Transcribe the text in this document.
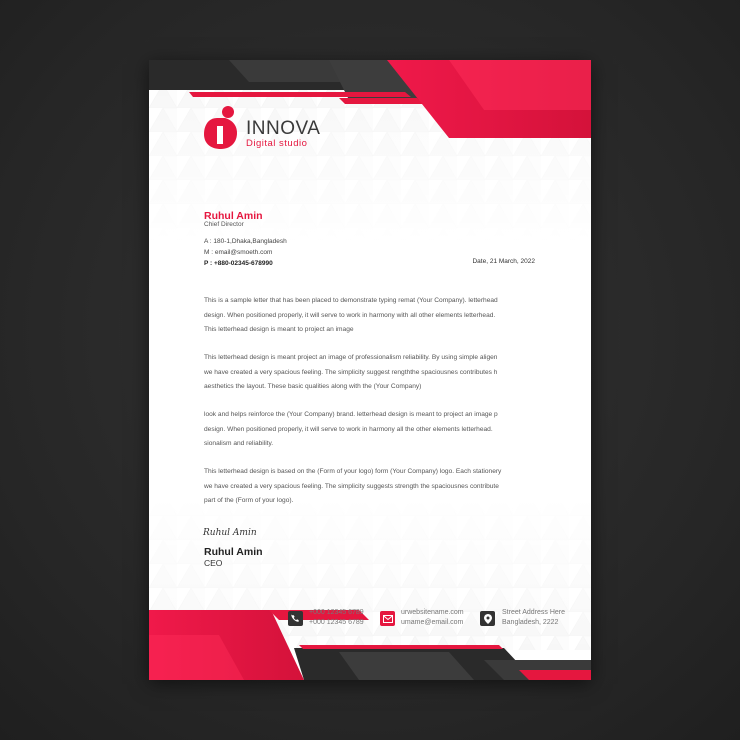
INNOVA
Digital studio
Ruhul Amin
Chief Director
A : 180-1,Dhaka,Bangladesh
M : email@smoeth.com
P : +880-02345-678990	Date, 21 March, 2022
This is a sample letter that has been placed to demonstrate typing remat (Your Company). letterhead
design. When positioned properly, it will serve to work in harmony with all other elements letterhead.
This letterhead design is meant to project an image
This letterhead design is meant project an image of professionalism reliability. By using simple aligen
we have created a very spacious feeling. The simplicity suggest rengththe spaciousnes contributes h
aesthetics the layout. These basic qualities along with the (Your Company)
look and helps reinforce the (Your Company) brand. letterhead design is meant to project an image p
design. When positioned properly, it will serve to work in harmony all the other elements letterhead.
sionalism and reliability.
This letterhead design is based on the (Form of your logo) form (Your Company) logo. Each stationery
we have created a very spacious feeling. The simplicity suggests strength the spaciousnes contribute
part of the (Form of your logo).
Ruhul Amin
Ruhul Amin
CEO
+000 12345 6789
+000 12345 6789
urwebsitename.com
umame@email.com
Street Address Here
Bangladesh, 2222
